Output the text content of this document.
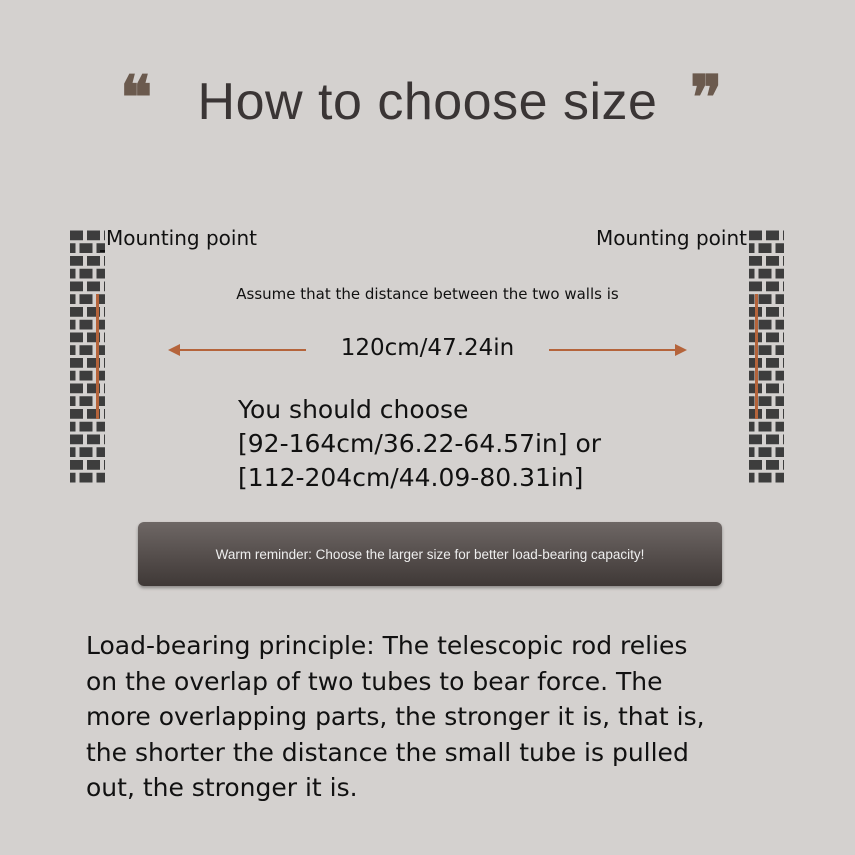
❝ How to choose size ❞
Mounting point	Mounting point
Assume that the distance between the two walls is
120cm/47.24in
You should choose
[92-164cm/36.22-64.57in] or
[112-204cm/44.09-80.31in]
Warm reminder: Choose the larger size for better load-bearing capacity!
Load-bearing principle: The telescopic rod relies
on the overlap of two tubes to bear force. The
more overlapping parts, the stronger it is, that is,
the shorter the distance the small tube is pulled
out, the stronger it is.
